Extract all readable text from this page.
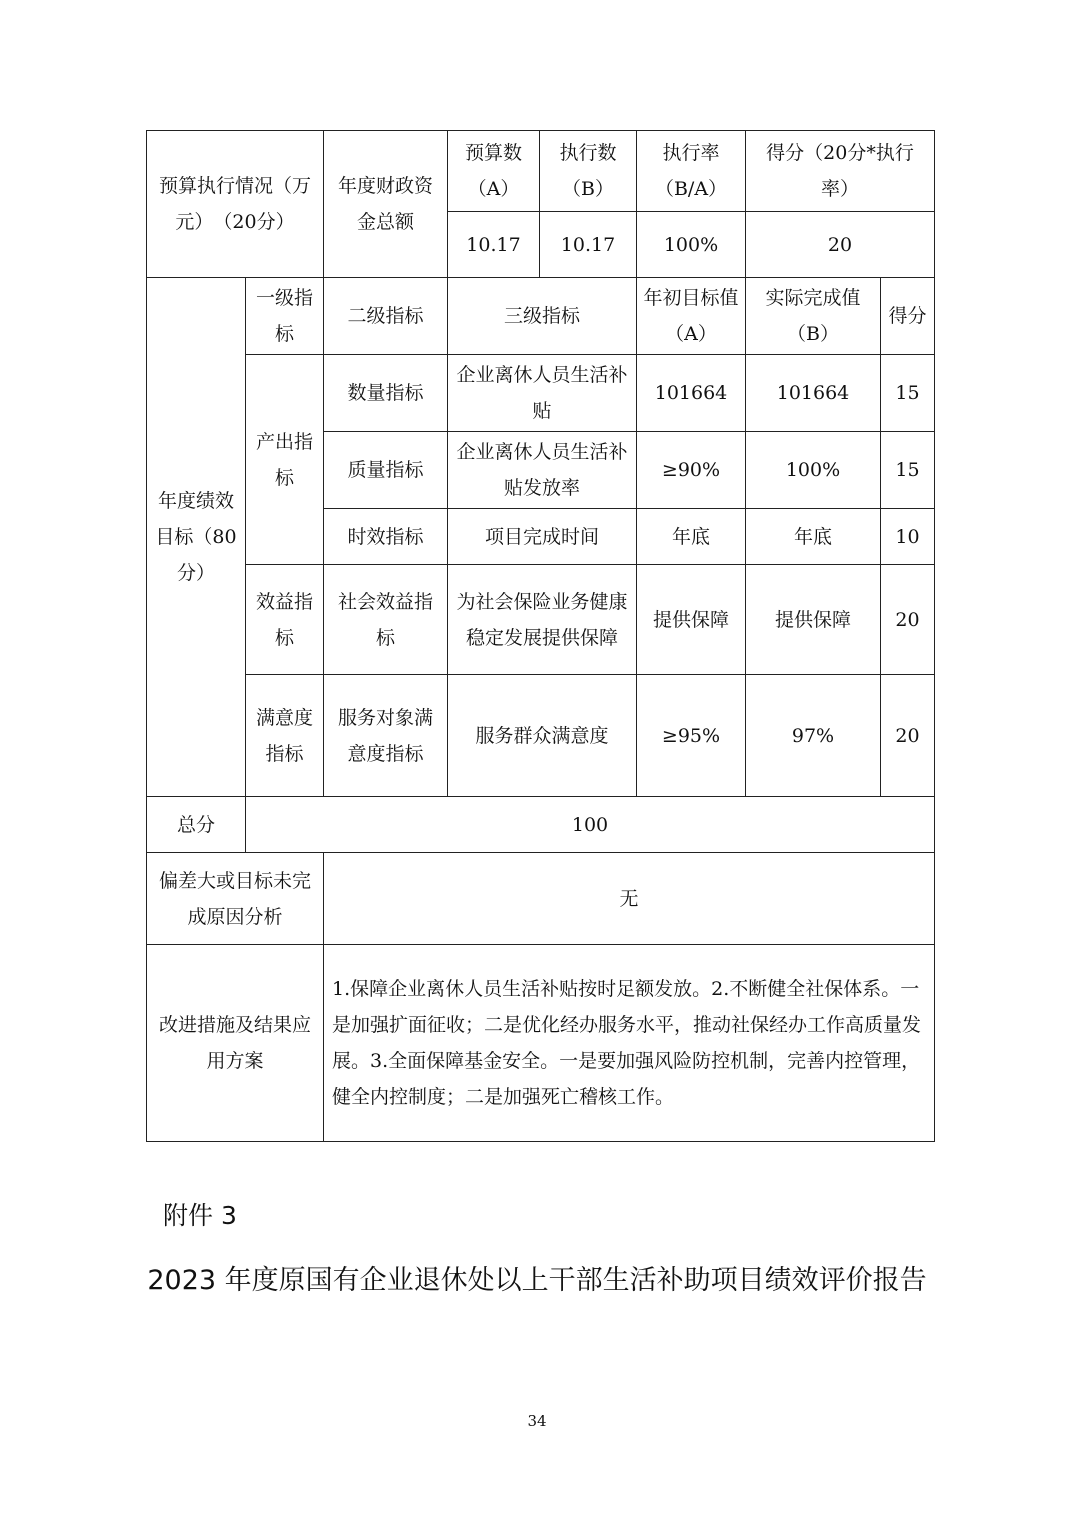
预算执行情况（万元）　（20分）		年度财政资金总额	预算数（A）	执行数（B）	执行率（B/A）	得分（20分*执行率）	
			10.17	10.17	100%	20	
年度绩效目标（80分）	一级指标	二级指标	三级指标		年初目标值（A）	实际完成值（B）	得分
	产出指标	数量指标	企业离休人员生活补贴		101664	101664	15
		质量指标	企业离休人员生活补贴发放率		≥90%	100%	15
		时效指标	项目完成时间		年底	年底	10
	效益指标	社会效益指标	为社会保险业务健康稳定发展提供保障		提供保障	提供保障	20
	满意度指标	服务对象满意度指标	服务群众满意度		≥95%	97%	20
总分	100						
偏差大或目标未完成原因分析		无					
改进措施及结果应用方案		1.保障企业离休人员生活补贴按时足额发放。2.不断健全社保体系。一是加强扩面征收；二是优化经办服务水平，推动社保经办工作高质量发展。3.全面保障基金安全。一是要加强风险防控机制，完善内控管理，健全内控制度；二是加强死亡稽核工作。					
附件 3
2023 年度原国有企业退休处以上干部生活补助项目绩效评价报告
34
